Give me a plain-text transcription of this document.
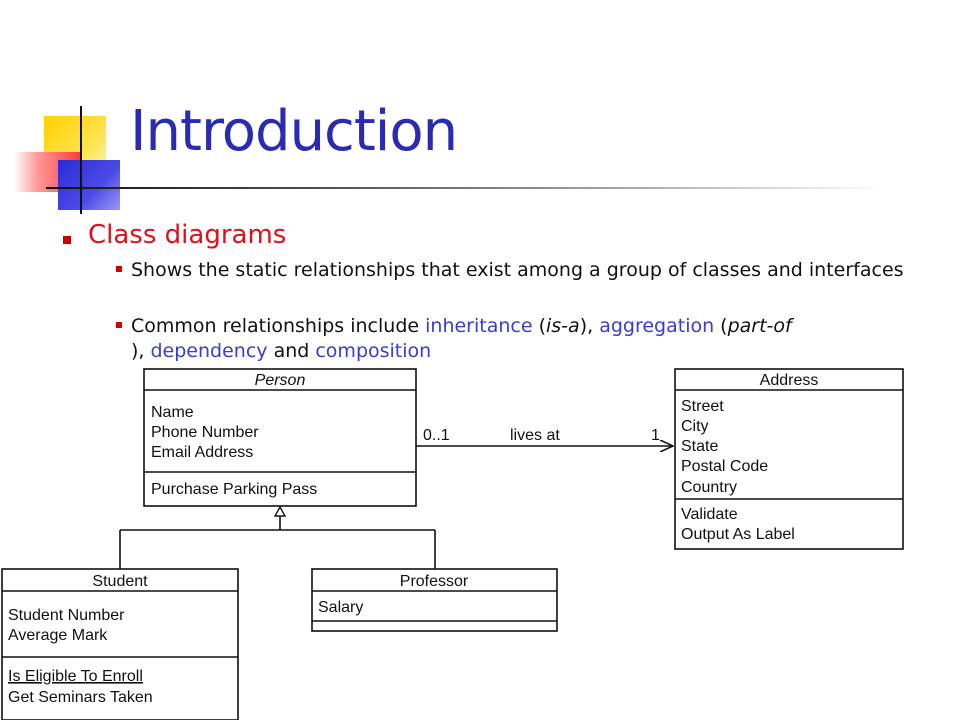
Introduction
Class diagrams
Shows the static relationships that exist among a group of classes and interfaces
Common relationships include inheritance (is-a), aggregation (part-of
), dependency and composition
Person
Name
Phone Number
Email Address
Purchase Parking Pass
Address
Street
City
State
Postal Code
Country
Validate
Output As Label
0..1	lives at	1
Student
Student Number
Average Mark
Is Eligible To Enroll
Get Seminars Taken
Professor
Salary
